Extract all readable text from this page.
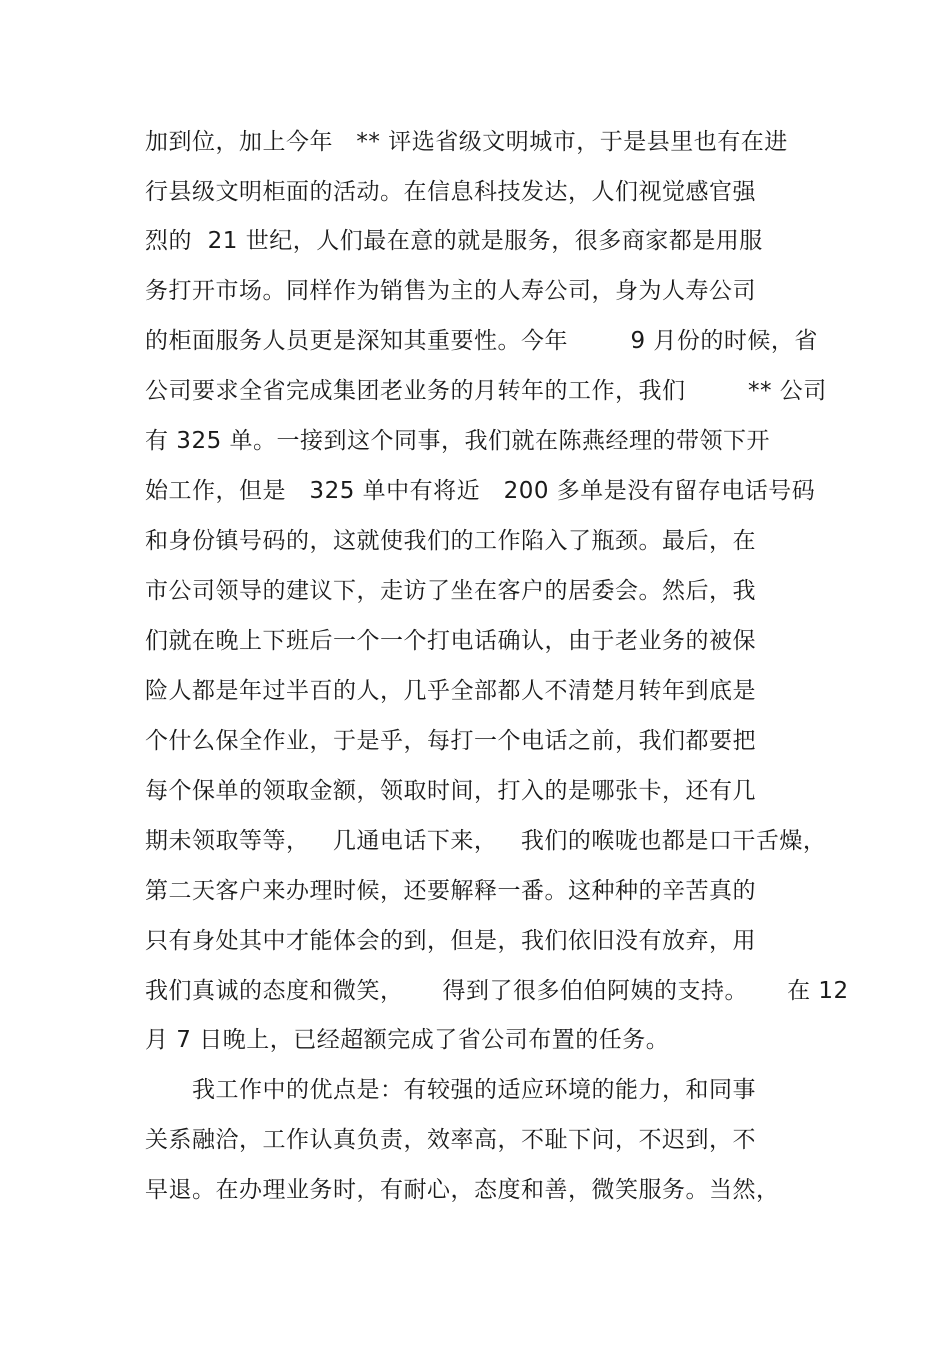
加到位，加上今年   ** 评选省级文明城市，于是县里也有在进
行县级文明柜面的活动。在信息科技发达，人们视觉感官强
烈的  21 世纪，人们最在意的就是服务，很多商家都是用服
务打开市场。同样作为销售为主的人寿公司，身为人寿公司
的柜面服务人员更是深知其重要性。今年        9 月份的时候，省
公司要求全省完成集团老业务的月转年的工作，我们        ** 公司
有 325 单。一接到这个同事，我们就在陈燕经理的带领下开
始工作，但是   325 单中有将近   200 多单是没有留存电话号码
和身份镇号码的，这就使我们的工作陷入了瓶颈。最后，在
市公司领导的建议下，走访了坐在客户的居委会。然后，我
们就在晚上下班后一个一个打电话确认，由于老业务的被保
险人都是年过半百的人，几乎全部都人不清楚月转年到底是
个什么保全作业，于是乎，每打一个电话之前，我们都要把
每个保单的领取金额，领取时间，打入的是哪张卡，还有几
期未领取等等，   几通电话下来，   我们的喉咙也都是口干舌燥，
第二天客户来办理时候，还要解释一番。这种种的辛苦真的
只有身处其中才能体会的到，但是，我们依旧没有放弃，用
我们真诚的态度和微笑，     得到了很多伯伯阿姨的支持。     在 12
月 7 日晚上，已经超额完成了省公司布置的任务。
我工作中的优点是：有较强的适应环境的能力，和同事
关系融洽，工作认真负责，效率高，不耻下问，不迟到，不
早退。在办理业务时，有耐心，态度和善，微笑服务。当然，
